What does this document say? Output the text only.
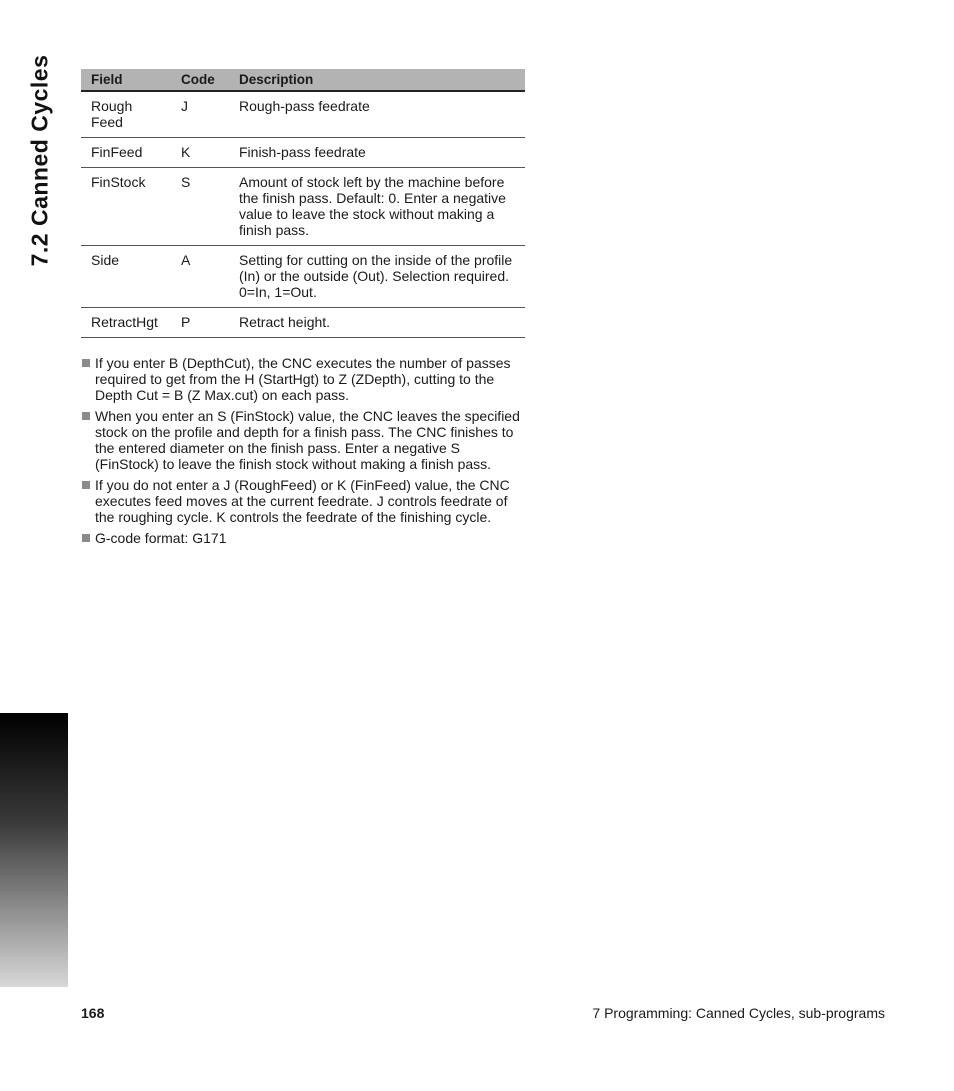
7.2 Canned Cycles	Field	Code	Description
Rough Feed	J	Rough-pass feedrate
FinFeed	K	Finish-pass feedrate
FinStock	S	Amount of stock left by the machine before the finish pass. Default: 0. Enter a negative value to leave the stock without making a finish pass.
Side	A	Setting for cutting on the inside of the profile (In) or the outside (Out). Selection required. 0=In, 1=Out.
RetractHgt	P	Retract height.
If you enter B (DepthCut), the CNC executes the number of passes required to get from the H (StartHgt) to Z (ZDepth), cutting to the Depth Cut = B (Z Max.cut) on each pass.
When you enter an S (FinStock) value, the CNC leaves the specified stock on the profile and depth for a finish pass. The CNC finishes to the entered diameter on the finish pass. Enter a negative S (FinStock) to leave the finish stock without making a finish pass.
If you do not enter a J (RoughFeed) or K (FinFeed) value, the CNC executes feed moves at the current feedrate. J controls feedrate of the roughing cycle. K controls the feedrate of the finishing cycle.
G-code format: G171
168	7 Programming: Canned Cycles, sub-programs
